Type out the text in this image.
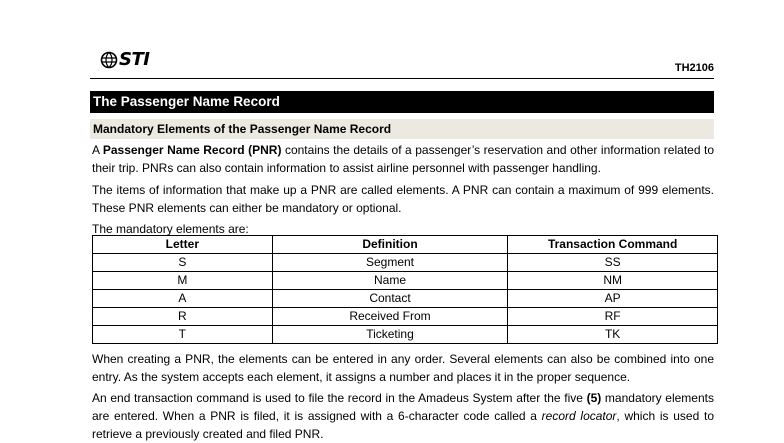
STI	TH2106
The Passenger Name Record
Mandatory Elements of the Passenger Name Record
A Passenger Name Record (PNR) contains the details of a passenger’s reservation and other information related to their trip. PNRs can also contain information to assist airline personnel with passenger handling.
The items of information that make up a PNR are called elements. A PNR can contain a maximum of 999 elements. These PNR elements can either be mandatory or optional.
The mandatory elements are:
Letter	Definition	Transaction Command
S	Segment	SS
M	Name	NM
A	Contact	AP
R	Received From	RF
T	Ticketing	TK
When creating a PNR, the elements can be entered in any order. Several elements can also be combined into one entry. As the system accepts each element, it assigns a number and places it in the proper sequence.
An end transaction command is used to file the record in the Amadeus System after the five (5) mandatory elements are entered. When a PNR is filed, it is assigned with a 6-character code called a record locator, which is used to retrieve a previously created and filed PNR.
